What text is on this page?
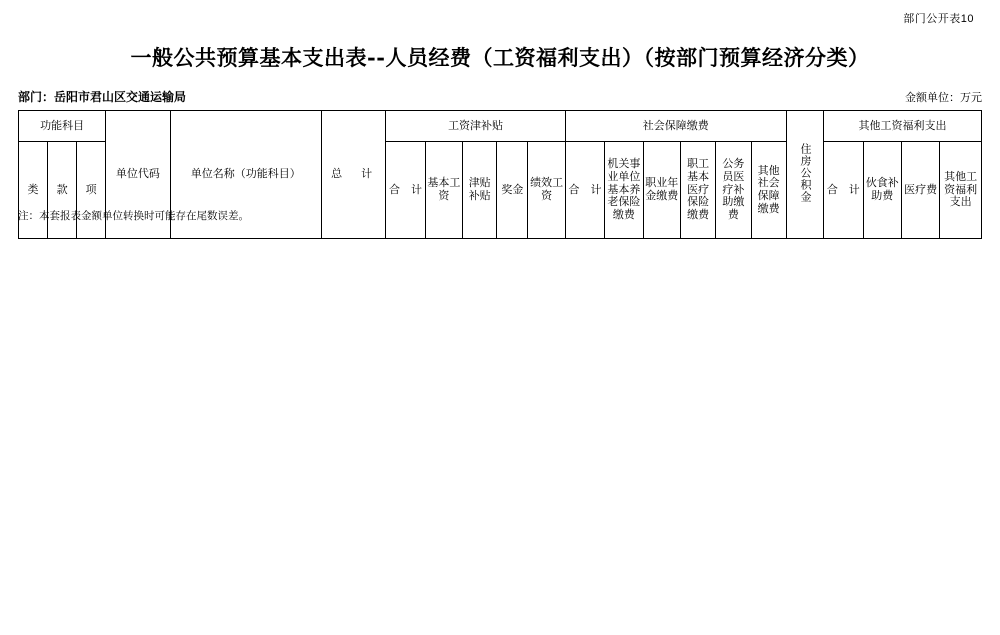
部门公开表10
一般公共预算基本支出表--人员经费（工资福利支出）（按部门预算经济分类）
部门：岳阳市君山区交通运输局	金额单位：万元
功能科目			单位代码	单位名称（功能科目）	总　计	工资津补贴					社会保障缴费						住房公积金	其他工资福利支出			
类	款	项				合　计	基本工资	津贴补贴	奖金	绩效工资	合　计	机关事业单位基本养老保险缴费	职业年金缴费	职工基本医疗保险缴费	公务员医疗补助缴费	其他社会保障缴费		合　计	伙食补助费	医疗费	其他工资福利支出
注：本套报表金额单位转换时可能存在尾数误差。
